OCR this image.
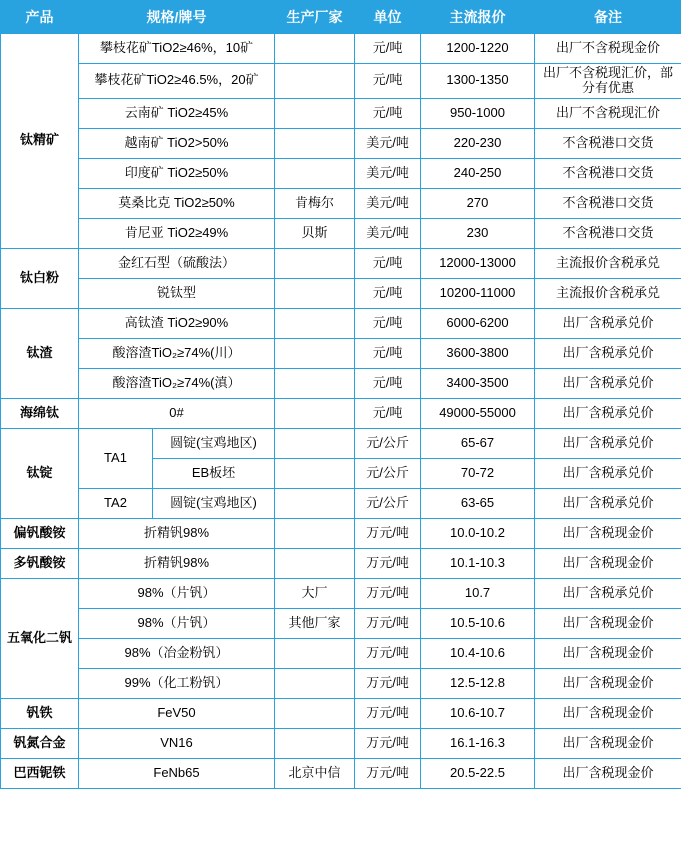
产品	规格/牌号		生产厂家	单位	主流报价	备注
钛精矿	攀枝花矿TiO2≥46%，10矿			元/吨	1200-1220	出厂不含税现金价
	攀枝花矿TiO2≥46.5%，20矿			元/吨	1300-1350	出厂不含税现汇价，部分有优惠
	云南矿 TiO2≥45%			元/吨	950-1000	出厂不含税现汇价
	越南矿 TiO2>50%			美元/吨	220-230	不含税港口交货
	印度矿 TiO2≥50%			美元/吨	240-250	不含税港口交货
	莫桑比克 TiO2≥50%		肯梅尔	美元/吨	270	不含税港口交货
	肯尼亚 TiO2≥49%		贝斯	美元/吨	230	不含税港口交货
钛白粉	金红石型（硫酸法）			元/吨	12000-13000	主流报价含税承兑
	锐钛型			元/吨	10200-11000	主流报价含税承兑
钛渣	高钛渣 TiO2≥90%			元/吨	6000-6200	出厂含税承兑价
	酸溶渣TiO₂≥74%(川）			元/吨	3600-3800	出厂含税承兑价
	酸溶渣TiO₂≥74%(滇）			元/吨	3400-3500	出厂含税承兑价
海绵钛	0#			元/吨	49000-55000	出厂含税承兑价
钛锭	TA1	圆锭(宝鸡地区)		元/公斤	65-67	出厂含税承兑价
		EB板坯		元/公斤	70-72	出厂含税承兑价
	TA2	圆锭(宝鸡地区)		元/公斤	63-65	出厂含税承兑价
偏钒酸铵	折精钒98%			万元/吨	10.0-10.2	出厂含税现金价
多钒酸铵	折精钒98%			万元/吨	10.1-10.3	出厂含税现金价
五氧化二钒	98%（片钒）		大厂	万元/吨	10.7	出厂含税承兑价
	98%（片钒）		其他厂家	万元/吨	10.5-10.6	出厂含税现金价
	98%（冶金粉钒）			万元/吨	10.4-10.6	出厂含税现金价
	99%（化工粉钒）			万元/吨	12.5-12.8	出厂含税现金价
钒铁	FeV50			万元/吨	10.6-10.7	出厂含税现金价
钒氮合金	VN16			万元/吨	16.1-16.3	出厂含税现金价
巴西铌铁	FeNb65		北京中信	万元/吨	20.5-22.5	出厂含税现金价
